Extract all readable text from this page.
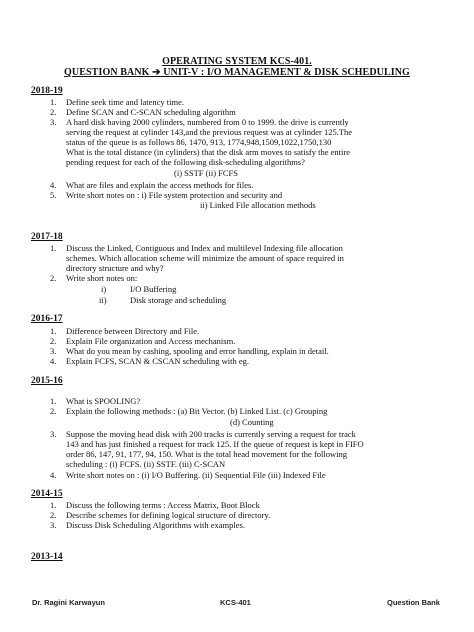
OPERATING SYSTEM KCS-401.
QUESTION BANK ➔ UNIT-V : I/O MANAGEMENT & DISK SCHEDULING
2018-19
1. Define seek time and latency time.
2. Define SCAN and C-SCAN scheduling algorithm
3. A hard disk having 2000 cylinders, numbered from 0 to 1999. the drive is currently
serving the request at cylinder 143,and the previous request was at cylinder 125.The
status of the queue is as follows 86, 1470, 913, 1774,948,1509,1022,1750,130
What is the total distance (in cylinders) that the disk arm moves to satisfy the entire
pending request for each of the following disk-scheduling algorithms?
(i) SSTF (ii) FCFS
4. What are files and explain the access methods for files.
5. Write short notes on : i) File system protection and security and
ii) Linked File allocation methods
2017-18
1. Discuss the Linked, Contiguous and Index and multilevel Indexing file allocation
schemes. Which allocation scheme will minimize the amount of space required in
directory structure and why?
2. Write short notes on:
i)	I/O Buffering
ii)	Disk storage and scheduling
2016-17
1. Difference between Directory and File.
2. Explain File organization and Access mechanism.
3. What do you mean by cashing, spooling and error handling, explain in detail.
4. Explain FCFS, SCAN & CSCAN scheduling with eg.
2015-16
1. What is SPOOLING?
2. Explain the following methods : (a) Bit Vector. (b) Linked List. (c) Grouping
(d) Counting
3. Suppose the moving head disk with 200 tracks is currently serving a request for track
143 and has just finished a request for track 125. If the queue of request is kept in FIFO
order 86, 147, 91, 177, 94, 150. What is the total head movement for the following
scheduling : (i) FCFS. (ii) SSTF. (iii) C-SCAN
4. Write short notes on : (i) I/O Buffering. (ii) Sequential File (iii) Indexed File
2014-15
1. Discuss the following terms : Access Matrix, Boot Block
2. Describe schemes for defining logical structure of directory.
3. Discuss Disk Scheduling Algorithms with examples.
2013-14
Dr. Ragini Karwayun	KCS-401	Question Bank
